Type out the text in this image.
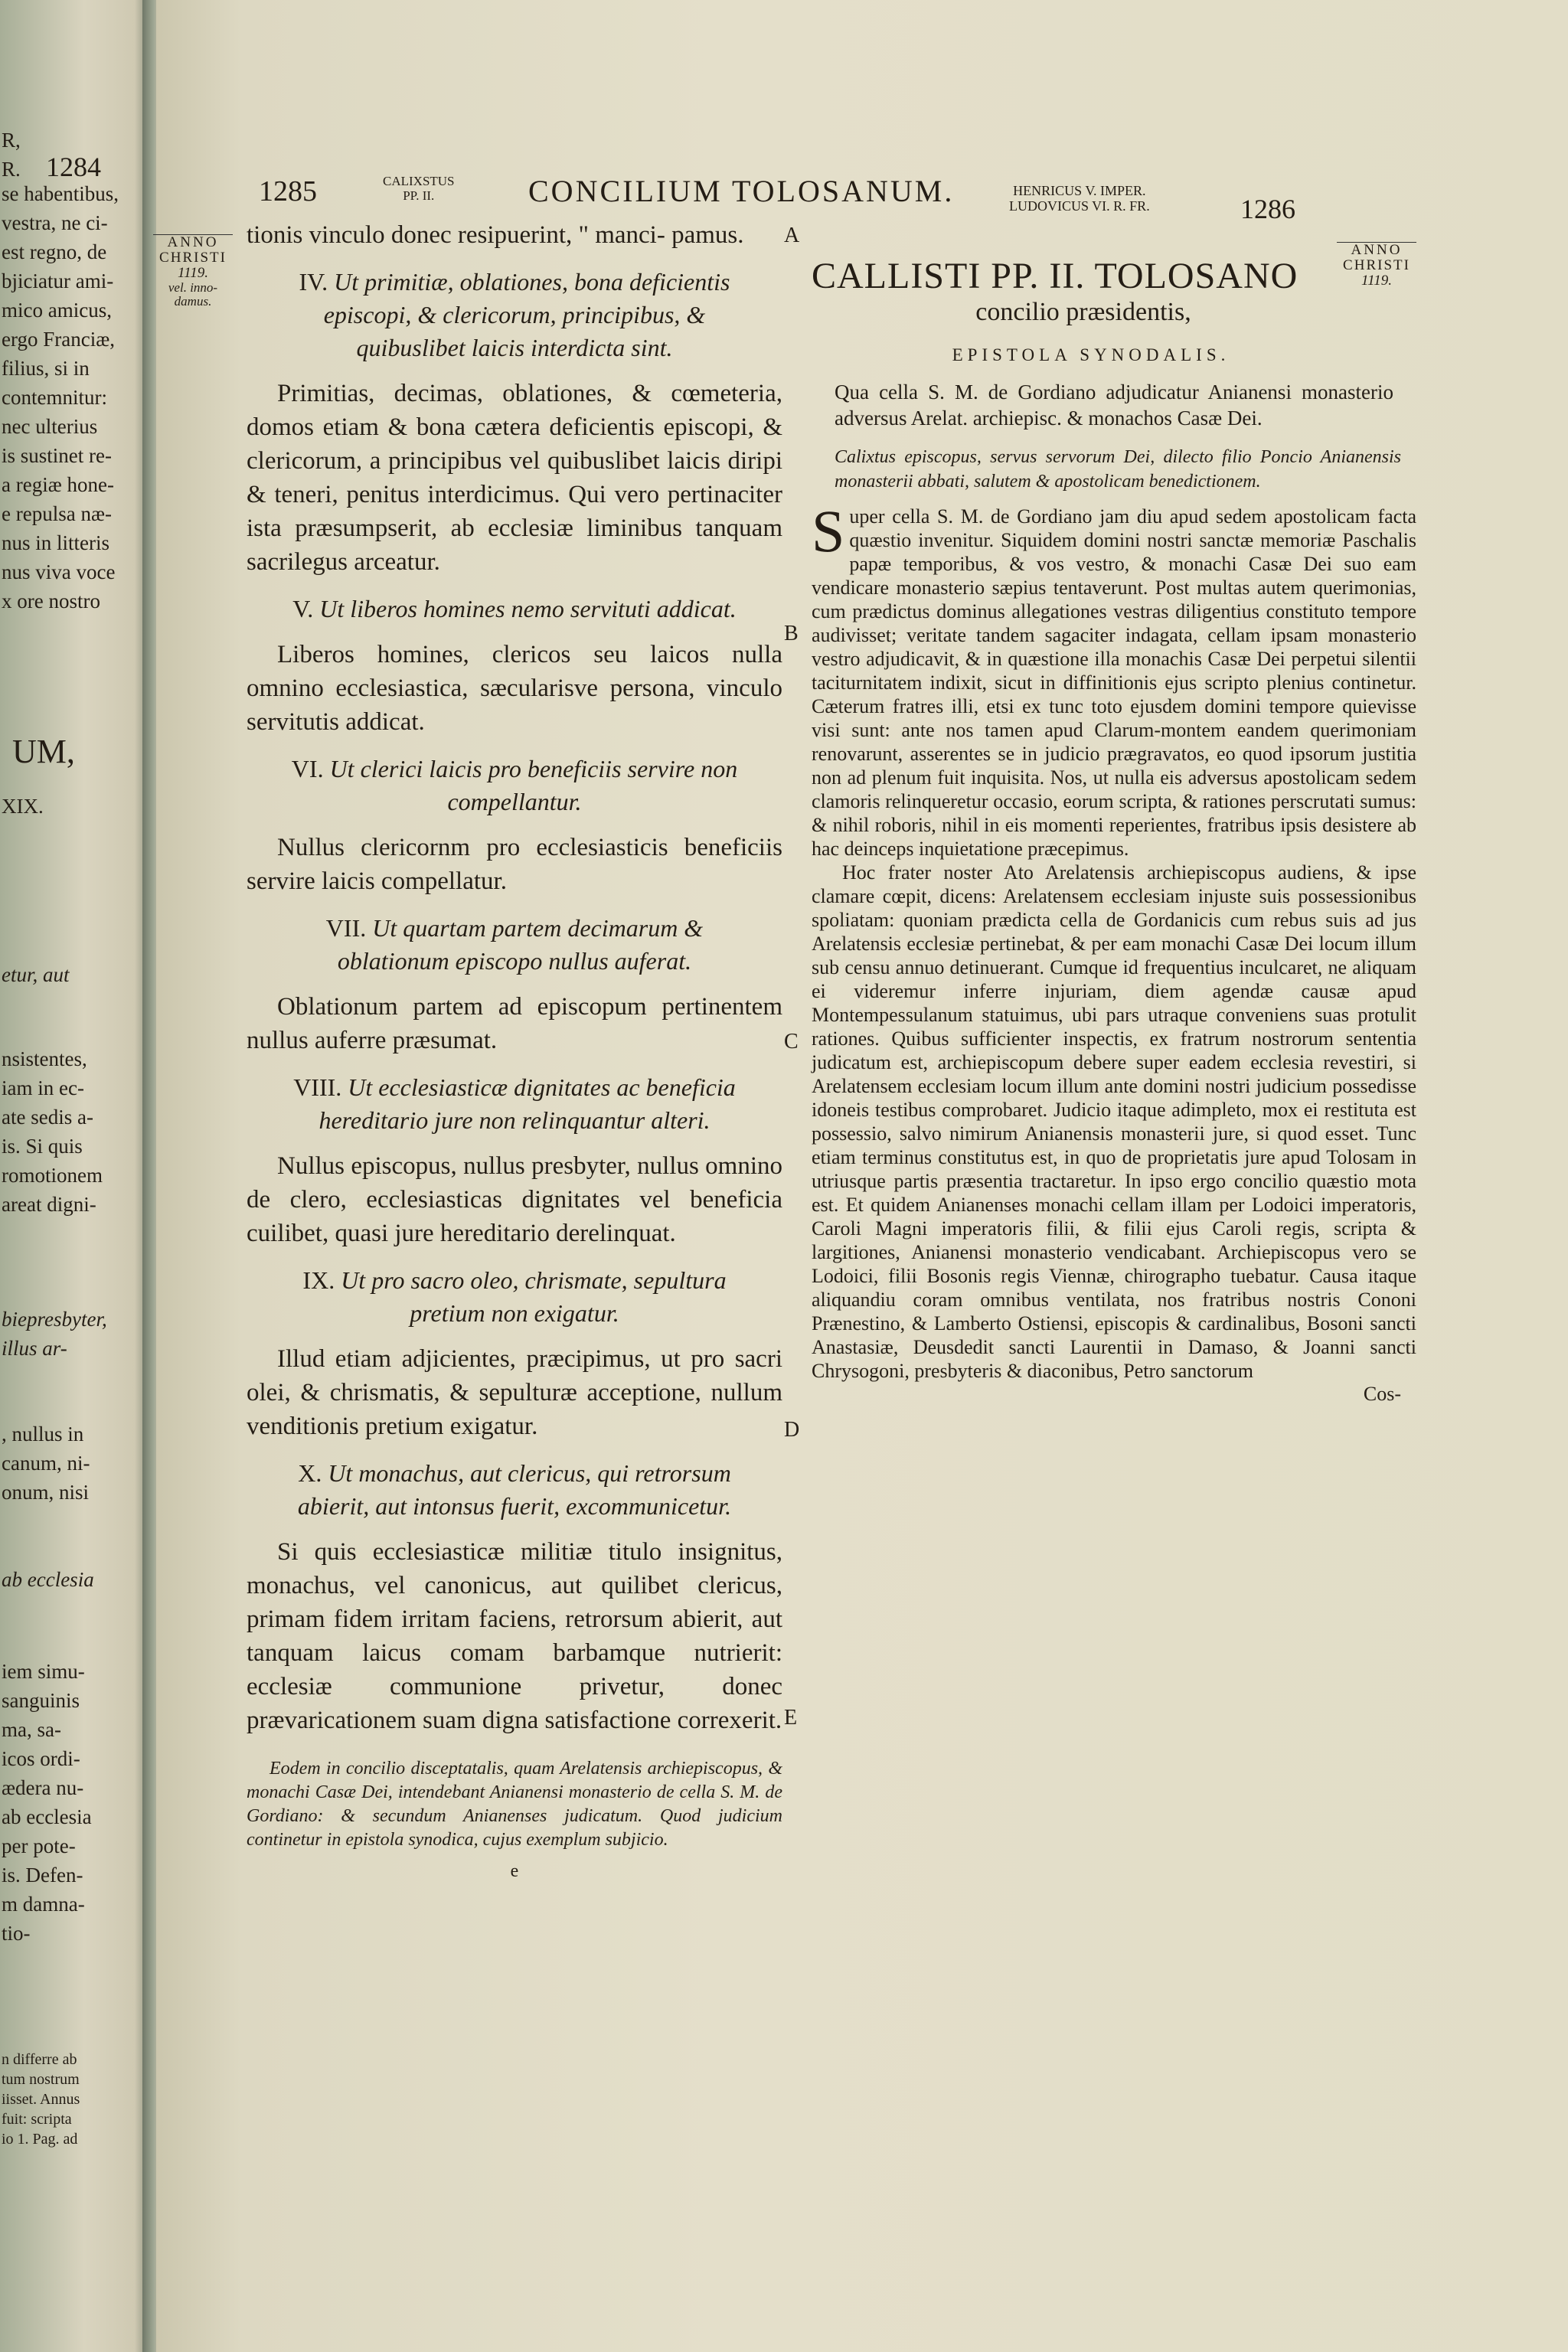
1284
R,
R.
se habentibus,
vestra, ne ci-
est regno, de
bjiciatur ami-
mico amicus,
ergo Franciæ,
filius, si in
contemnitur:
nec ulterius
is sustinet re-
a regiæ hone-
e repulsa næ-
nus in litteris
nus viva voce
x ore nostro
UM,
XIX.
etur, aut
nsistentes,
iam in ec-
ate sedis a-
is. Si quis
romotionem
areat digni-
biepresbyter,
illus ar-
, nullus in
canum, ni-
onum, nisi
ab ecclesia
iem simu-
sanguinis
ma, sa-
icos ordi-
ædera nu-
ab ecclesia
per pote-
is. Defen-
m damna-
tio-
n differre ab
tum nostrum
iisset. Annus
fuit: scripta
io 1. Pag. ad
1285	CALIXSTUS
PP. II.	CONCILIUM TOLOSANUM.	HENRICUS V. IMPER.
LUDOVICUS VI. R. FR.	1286
ANNO
CHRISTI
1119.
vel. inno-
damus.
ANNO
CHRISTI
1119.
A
B
C
D
E

tionis vinculo donec resipuerint, " manci- pamus.

IV. Ut primitiæ, oblationes, bona deficientis episcopi, & clericorum, principibus, & quibuslibet laicis interdicta sint.

Primitias, decimas, oblationes, & cœmeteria, domos etiam & bona cætera deficientis episcopi, & clericorum, a principibus vel quibuslibet laicis diripi & teneri, penitus interdicimus. Qui vero pertinaciter ista præsumpserit, ab ecclesiæ liminibus tanquam sacrilegus arceatur.

V. Ut liberos homines nemo servituti addicat.

Liberos homines, clericos seu laicos nulla omnino ecclesiastica, sæcularisve persona, vinculo servitutis addicat.

VI. Ut clerici laicis pro beneficiis servire non compellantur.

Nullus clericornm pro ecclesiasticis beneficiis servire laicis compellatur.

VII. Ut quartam partem decimarum & oblationum episcopo nullus auferat.

Oblationum partem ad episcopum pertinentem nullus auferre præsumat.

VIII. Ut ecclesiasticæ dignitates ac beneficia hereditario jure non relinquantur alteri.

Nullus episcopus, nullus presbyter, nullus omnino de clero, ecclesiasticas dignitates vel beneficia cuilibet, quasi jure hereditario derelinquat.

IX. Ut pro sacro oleo, chrismate, sepultura pretium non exigatur.

Illud etiam adjicientes, præcipimus, ut pro sacri olei, & chrismatis, & sepulturæ acceptione, nullum venditionis pretium exigatur.

X. Ut monachus, aut clericus, qui retrorsum abierit, aut intonsus fuerit, excommunicetur.

Si quis ecclesiasticæ militiæ titulo insignitus, monachus, vel canonicus, aut quilibet clericus, primam fidem irritam faciens, retrorsum abierit, aut tanquam laicus comam barbamque nutrierit: ecclesiæ communione privetur, donec prævaricationem suam digna satisfactione correxerit.

Eodem in concilio disceptatalis, quam Arelatensis archiepiscopus, & monachi Casæ Dei, intendebant Anianensi monasterio de cella S. M. de Gordiano: & secundum Anianenses judicatum. Quod judicium continetur in epistola synodica, cujus exemplum subjicio.

e
CALLISTI PP. II. TOLOSANO
concilio præsidentis,
EPISTOLA SYNODALIS.

Qua cella S. M. de Gordiano adjudicatur Anianensi monasterio adversus Arelat. archiepisc. & monachos Casæ Dei.

Calixtus episcopus, servus servorum Dei, dilecto filio Poncio Anianensis monasterii abbati, salutem & apostolicam benedictionem.

Super cella S. M. de Gordiano jam diu apud sedem apostolicam facta quæstio invenitur. Siquidem domini nostri sanctæ memoriæ Paschalis papæ temporibus, & vos vestro, & monachi Casæ Dei suo eam vendicare monasterio sæpius tentaverunt. Post multas autem querimonias, cum prædictus dominus allegationes vestras diligentius constituto tempore audivisset; veritate tandem sagaciter indagata, cellam ipsam monasterio vestro adjudicavit, & in quæstione illa monachis Casæ Dei perpetui silentii taciturnitatem indixit, sicut in diffinitionis ejus scripto plenius continetur. Cæterum fratres illi, etsi ex tunc toto ejusdem domini tempore quievisse visi sunt: ante nos tamen apud Clarum-montem eandem querimoniam renovarunt, asserentes se in judicio prægravatos, eo quod ipsorum justitia non ad plenum fuit inquisita. Nos, ut nulla eis adversus apostolicam sedem clamoris relinqueretur occasio, eorum scripta, & rationes perscrutati sumus: & nihil roboris, nihil in eis momenti reperientes, fratribus ipsis desistere ab hac deinceps inquietatione præcepimus.

Hoc frater noster Ato Arelatensis archiepiscopus audiens, & ipse clamare cœpit, dicens: Arelatensem ecclesiam injuste suis possessionibus spoliatam: quoniam prædicta cella de Gordanicis cum rebus suis ad jus Arelatensis ecclesiæ pertinebat, & per eam monachi Casæ Dei locum illum sub censu annuo detinuerant. Cumque id frequentius inculcaret, ne aliquam ei videremur inferre injuriam, diem agendæ causæ apud Montempessulanum statuimus, ubi pars utraque conveniens suas protulit rationes. Quibus sufficienter inspectis, ex fratrum nostrorum sententia judicatum est, archiepiscopum debere super eadem ecclesia revestiri, si Arelatensem ecclesiam locum illum ante domini nostri judicium possedisse idoneis testibus comprobaret. Judicio itaque adimpleto, mox ei restituta est possessio, salvo nimirum Anianensis monasterii jure, si quod esset. Tunc etiam terminus constitutus est, in quo de proprietatis jure apud Tolosam in utriusque partis præsentia tractaretur. In ipso ergo concilio quæstio mota est. Et quidem Anianenses monachi cellam illam per Lodoici imperatoris, Caroli Magni imperatoris filii, & filii ejus Caroli regis, scripta & largitiones, Anianensi monasterio vendicabant. Archiepiscopus vero se Lodoici, filii Bosonis regis Viennæ, chirographo tuebatur. Causa itaque aliquandiu coram omnibus ventilata, nos fratribus nostris Cononi Prænestino, & Lamberto Ostiensi, episcopis & cardinalibus, Bosoni sancti Anastasiæ, Deusdedit sancti Laurentii in Damaso, & Joanni sancti Chrysogoni, presbyteris & diaconibus, Petro sanctorum

Cos-
